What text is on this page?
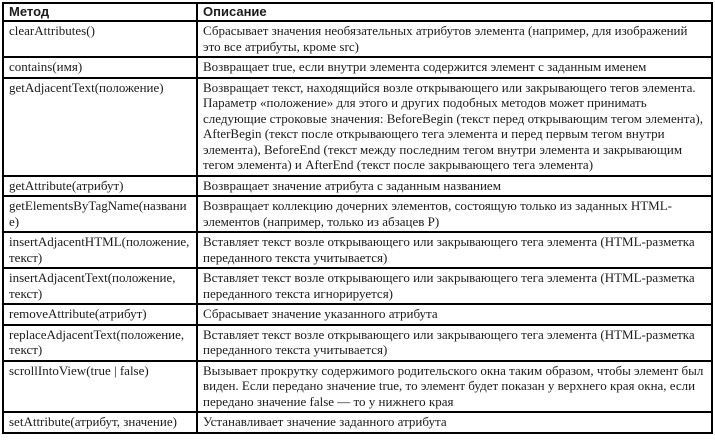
Метод	Описание
clearAttributes()	Сбрасывает значения необязательных атрибутов элемента (например, для изображений это все атрибуты, кроме src)
contains(имя)	Возвращает true, если внутри элемента содержится элемент с заданным именем
getAdjacentText(положение)	Возвращает текст, находящийся возле открывающего или закрывающего тегов элемента. Параметр «положение» для этого и других подобных методов может принимать следующие строковые значения: BeforeBegin (текст перед открывающим тегом элемента), AfterBegin (текст после открывающего тега элемента и перед первым тегом внутри элемента), BeforeEnd (текст между последним тегом внутри элемента и закрывающим тегом элемента) и AfterEnd (текст после закрывающего тега элемента)
getAttribute(атрибут)	Возвращает значение атрибута с заданным названием
getElementsByTagName(название)	Возвращает коллекцию дочерних элементов, состоящую только из заданных HTML-элементов (например, только из абзацев P)
insertAdjacentHTML(положение, текст)	Вставляет текст возле открывающего или закрывающего тега элемента (HTML-разметка переданного текста учитывается)
insertAdjacentText(положение, текст)	Вставляет текст возле открывающего или закрывающего тега элемента (HTML-разметка переданного текста игнорируется)
removeAttribute(атрибут)	Сбрасывает значение указанного атрибута
replaceAdjacentText(положение, текст)	Вставляет текст возле открывающего или закрывающего тега элемента (HTML-разметка переданного текста учитывается)
scrollIntoView(true | false)	Вызывает прокрутку содержимого родительского окна таким образом, чтобы элемент был виден. Если передано значение true, то элемент будет показан у верхнего края окна, если передано значение false — то у нижнего края
setAttribute(атрибут, значение)	Устанавливает значение заданного атрибута
